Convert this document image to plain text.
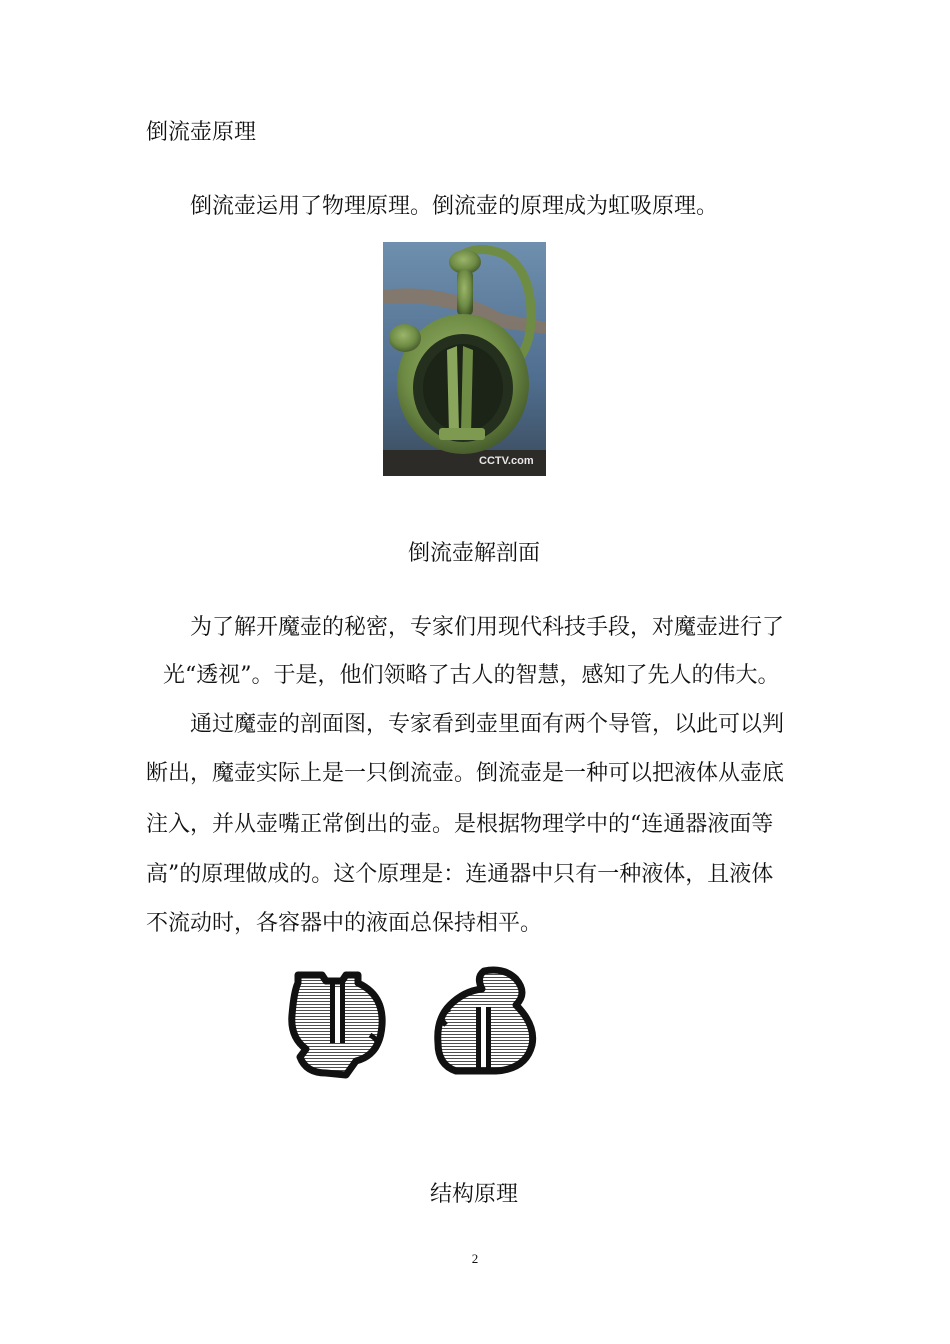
倒流壶原理
倒流壶运用了物理原理。倒流壶的原理成为虹吸原理。
CCTV.com
倒流壶解剖面
为了解开魔壶的秘密，专家们用现代科技手段，对魔壶进行了
光“透视”。于是，他们领略了古人的智慧，感知了先人的伟大。
通过魔壶的剖面图，专家看到壶里面有两个导管，以此可以判
断出，魔壶实际上是一只倒流壶。倒流壶是一种可以把液体从壶底
注入，并从壶嘴正常倒出的壶。是根据物理学中的“连通器液面等
高”的原理做成的。这个原理是：连通器中只有一种液体，且液体
不流动时，各容器中的液面总保持相平。
结构原理
2
